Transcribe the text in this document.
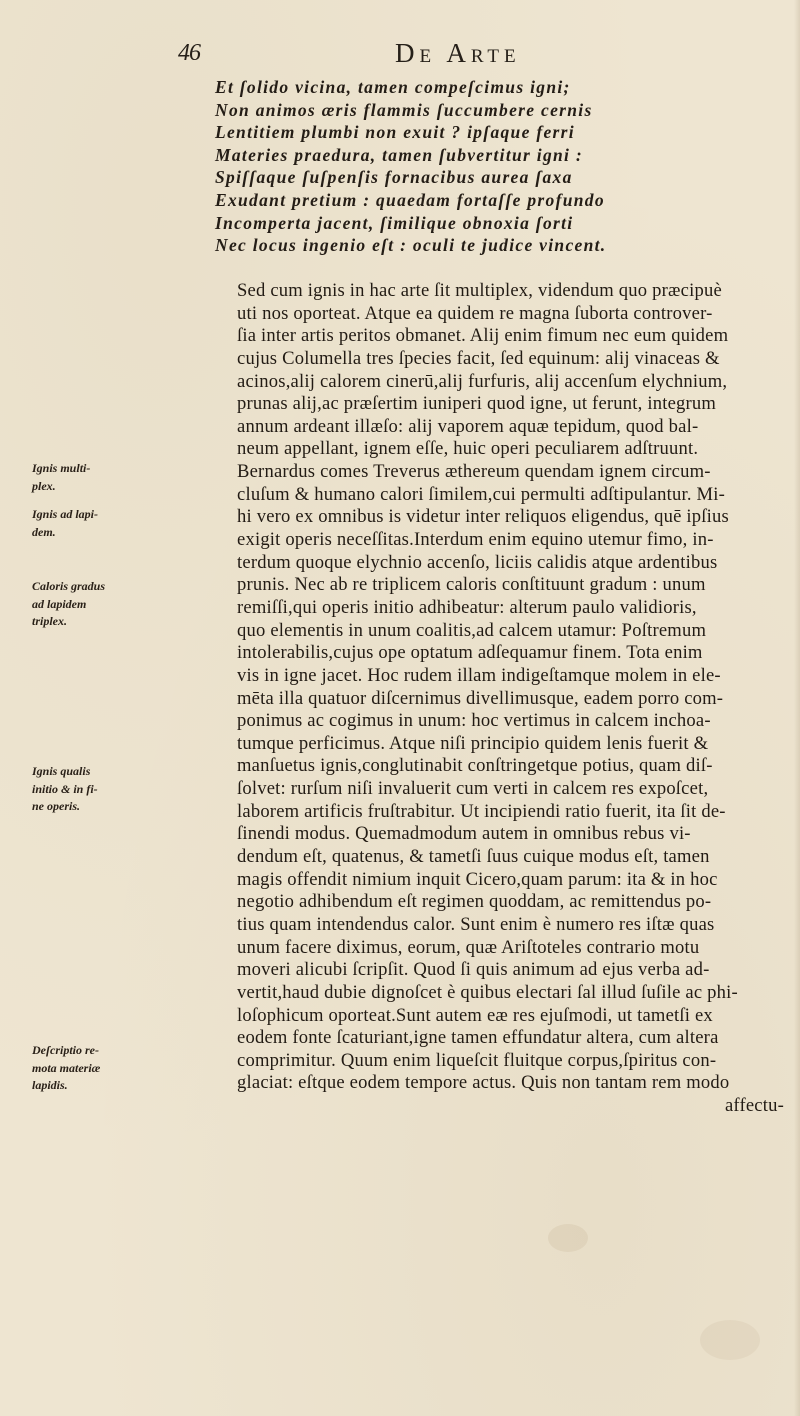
46	De Arte
Et ſolido vicina, tamen compeſcimus igni;
Non animos æris flammis ſuccumbere cernis
Lentitiem plumbi non exuit ? ipſaque ferri
Materies praedura, tamen ſubvertitur igni :
Spiſſaque ſuſpenſis fornacibus aurea ſaxa
Exudant pretium : quaedam fortaſſe profundo
Incomperta jacent, ſimilique obnoxia ſorti
Nec locus ingenio eſt : oculi te judice vincent.
Sed cum ignis in hac arte ſit multiplex, videndum quo præcipuè
uti nos oporteat. Atque ea quidem re magna ſuborta controver-
ſia inter artis peritos obmanet. Alij enim fimum nec eum quidem
cujus Columella tres ſpecies facit, ſed equinum: alij vinaceas &
acinos,alij calorem cinerū,alij furfuris, alij accenſum elychnium,
prunas alij,ac præſertim iuniperi quod igne, ut ferunt, integrum
annum ardeant illæſo: alij vaporem aquæ tepidum, quod bal-
neum appellant, ignem eſſe, huic operi peculiarem adſtruunt.
Bernardus comes Treverus æthereum quendam ignem circum-
cluſum & humano calori ſimilem,cui permulti adſtipulantur. Mi-
hi vero ex omnibus is videtur inter reliquos eligendus, quē ipſius
exigit operis neceſſitas.Interdum enim equino utemur fimo, in-
terdum quoque elychnio accenſo, liciis calidis atque ardentibus
prunis. Nec ab re triplicem caloris conſtituunt gradum : unum
remiſſi,qui operis initio adhibeatur: alterum paulo validioris,
quo elementis in unum coalitis,ad calcem utamur: Poſtremum
intolerabilis,cujus ope optatum adſequamur finem. Tota enim
vis in igne jacet. Hoc rudem illam indigeſtamque molem in ele-
mēta illa quatuor diſcernimus divellimusque, eadem porro com-
ponimus ac cogimus in unum: hoc vertimus in calcem inchoa-
tumque perficimus. Atque niſi principio quidem lenis fuerit &
manſuetus ignis,conglutinabit conſtringetque potius, quam diſ-
ſolvet: rurſum niſi invaluerit cum verti in calcem res expoſcet,
laborem artificis fruſtrabitur. Ut incipiendi ratio fuerit, ita ſit de-
ſinendi modus. Quemadmodum autem in omnibus rebus vi-
dendum eſt, quatenus, & tametſi ſuus cuique modus eſt, tamen
magis offendit nimium inquit Cicero,quam parum: ita & in hoc
negotio adhibendum eſt regimen quoddam, ac remittendus po-
tius quam intendendus calor. Sunt enim è numero res iſtæ quas
unum facere diximus, eorum, quæ Ariſtoteles contrario motu
moveri alicubi ſcripſit. Quod ſi quis animum ad ejus verba ad-
vertit,haud dubie dignoſcet è quibus electari ſal illud ſuſile ac phi-
loſophicum oporteat.Sunt autem eæ res ejuſmodi, ut tametſi ex
eodem fonte ſcaturiant,igne tamen effundatur altera, cum altera
comprimitur. Quum enim liqueſcit fluitque corpus,ſpiritus con-
glaciat: eſtque eodem tempore actus. Quis non tantam rem modo
affectu-
Ignis multi-
plex.
Ignis ad lapi-
dem.
Caloris gradus
ad lapidem
triplex.
Ignis qualis
initio & in fi-
ne operis.
Deſcriptio re-
mota materiæ
lapidis.
